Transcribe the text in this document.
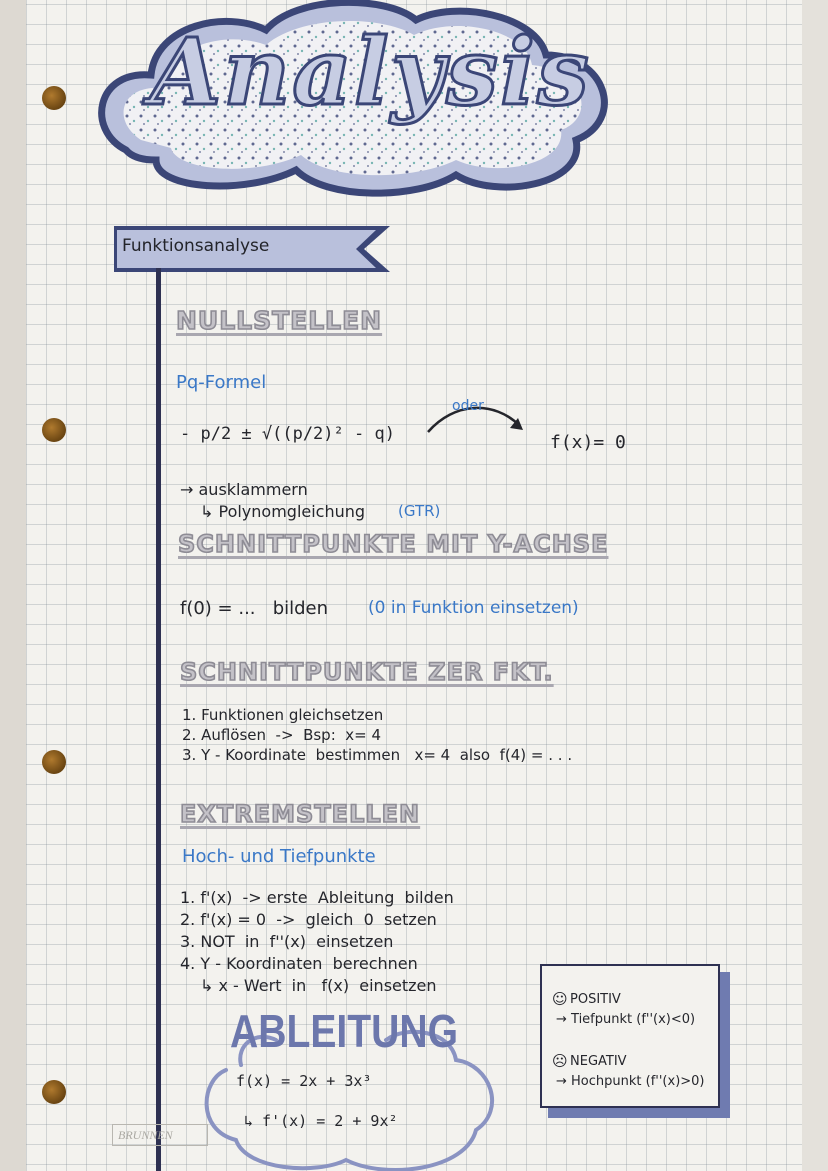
Analysis
Funktionsanalyse
NULLSTELLEN
Pq-Formel
- p/2 ± √((p/2)² - q)
oder
f(x)= 0
→ ausklammern
↳ Polynomgleichung (GTR)
SCHNITTPUNKTE MIT Y-ACHSE
f(0) = ...   bilden (0 in Funktion einsetzen)
SCHNITTPUNKTE ZER FKT.
1. Funktionen gleichsetzen
2. Auflösen  ->  Bsp:  x= 4
3. Y - Koordinate  bestimmen   x= 4  also  f(4) = . . .
EXTREMSTELLEN
Hoch- und Tiefpunkte
1. f'(x)  -> erste  Ableitung  bilden
2. f'(x) = 0  ->  gleich  0  setzen
3. NOT  in  f''(x)  einsetzen
4. Y - Koordinaten  berechnen
↳ x - Wert  in   f(x)  einsetzen
☺ POSITIV
→ Tiefpunkt (f''(x)<0)
☹ NEGATIV
→ Hochpunkt (f''(x)>0)
ABLEITUNG
f(x) = 2x + 3x³
↳ f'(x) = 2 + 9x²
BRUNNEN
